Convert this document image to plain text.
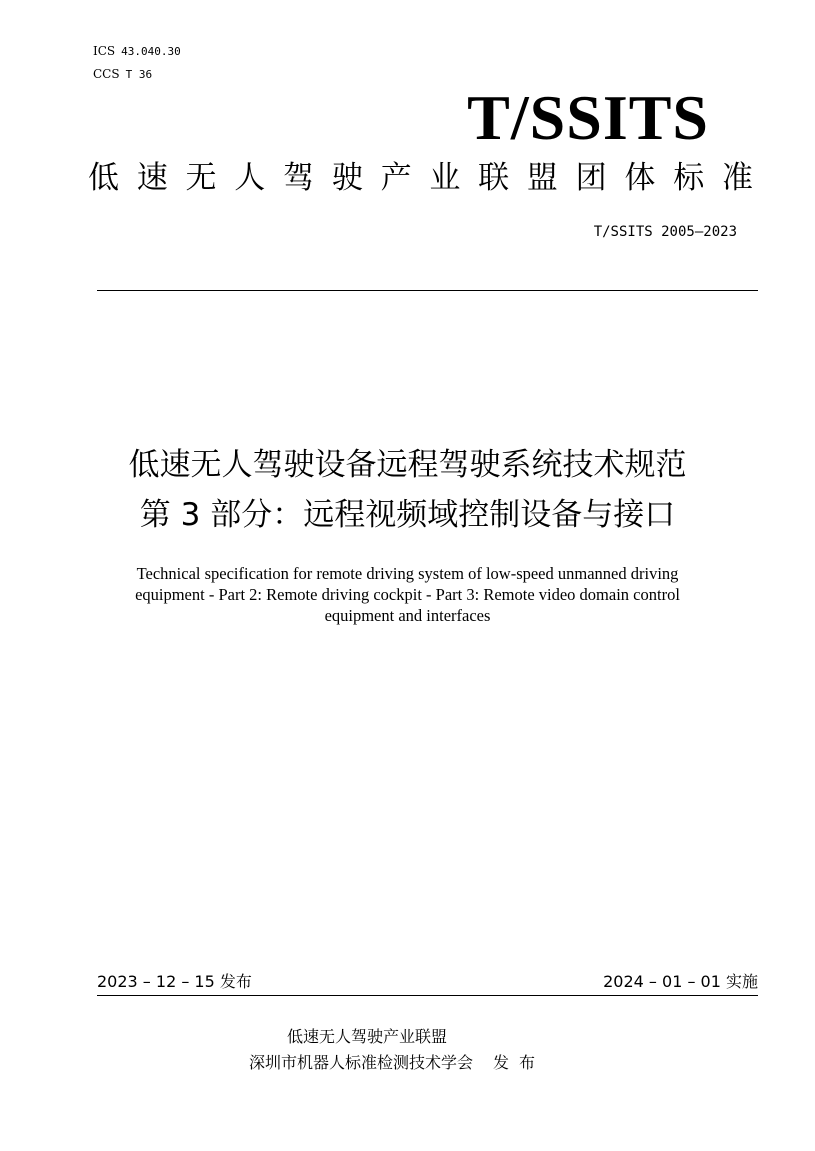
ICS 43.040.30
CCS T 36
T/SSITS
低 速 无 人 驾 驶 产 业 联 盟 团 体 标 准
T/SSITS 2005—2023
低速无人驾驶设备远程驾驶系统技术规范
第 3 部分：远程视频域控制设备与接口
Technical specification for remote driving system of low-speed unmanned driving
equipment - Part 2: Remote driving cockpit - Part 3: Remote video domain control
equipment and interfaces
2023 – 12 – 15 发布	2024 – 01 – 01 实施
低速无人驾驶产业联盟
深圳市机器人标准检测技术学会 发布
